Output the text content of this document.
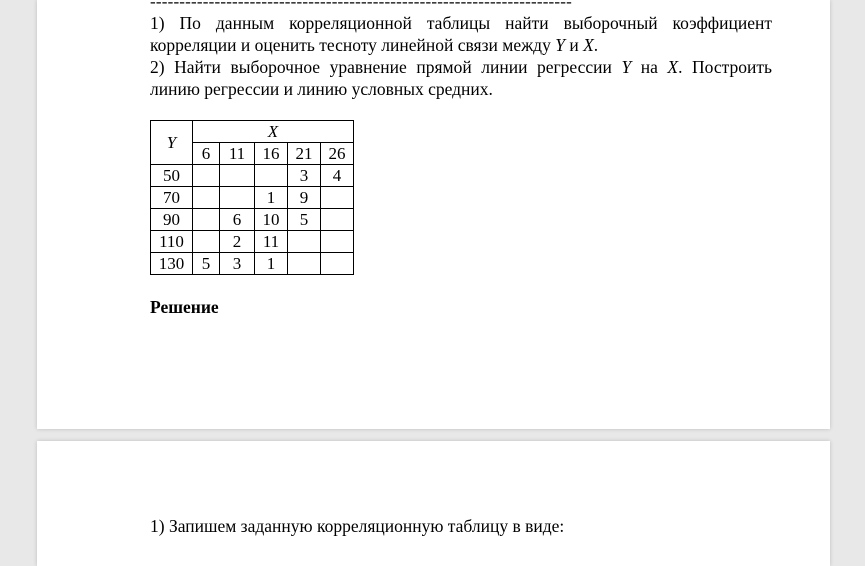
------------------------------------------------------------------------

1) По данным корреляционной таблицы найти выборочный коэффициент корреляции и оценить тесноту линейной связи между Y и X.

2) Найти выборочное уравнение прямой линии регрессии Y на X. Построить линию регрессии и линию условных средних.

Y	X				
	6	11	16	21	26
50				3	4
70			1	9	
90		6	10	5	
110		2	11		
130	5	3	1		
Решение
1) Запишем заданную корреляционную таблицу в виде:
